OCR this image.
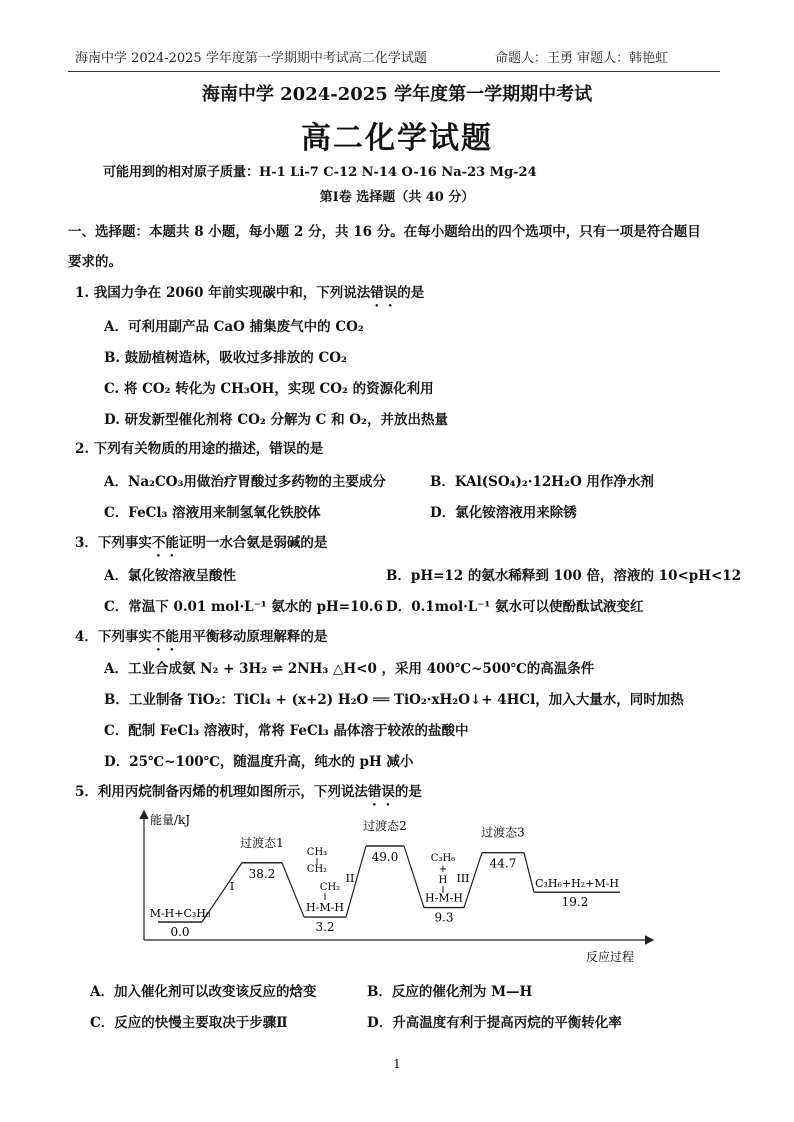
海南中学 2024-2025 学年度第一学期期中考试高二化学试题	命题人：王勇 审题人：韩艳虹
海南中学 2024-2025 学年度第一学期期中考试
高二化学试题
可能用到的相对原子质量：H-1 Li-7 C-12 N-14 O-16 Na-23 Mg-24
第Ⅰ卷 选择题（共 40 分）
一、选择题：本题共 8 小题，每小题 2 分，共 16 分。在每小题给出的四个选项中，只有一项是符合题目
要求的。
1. 我国力争在 2060 年前实现碳中和，下列说法错误的是
A．可利用副产品 CaO 捕集废气中的 CO₂
B. 鼓励植树造林，吸收过多排放的 CO₂
C. 将 CO₂ 转化为 CH₃OH，实现 CO₂ 的资源化利用
D. 研发新型催化剂将 CO₂ 分解为 C 和 O₂，并放出热量
2. 下列有关物质的用途的描述，错误的是
A．Na₂CO₃用做治疗胃酸过多药物的主要成分	B．KAl(SO₄)₂·12H₂O 用作净水剂
C．FeCl₃ 溶液用来制氢氧化铁胶体	D．氯化铵溶液用来除锈
3．下列事实不能证明一水合氨是弱碱的是
A．氯化铵溶液呈酸性	B．pH=12 的氨水稀释到 100 倍，溶液的 10<pH<12
C．常温下 0.01 mol·L⁻¹ 氨水的 pH=10.6 D．0.1mol·L⁻¹ 氨水可以使酚酞试液变红
4．下列事实不能用平衡移动原理解释的是
A．工业合成氨 N₂ + 3H₂ ⇌ 2NH₃ △H<0 ，采用 400℃~500℃的高温条件
B．工业制备 TiO₂：TiCl₄ + (x+2) H₂O ══ TiO₂·xH₂O↓+ 4HCl，加入大量水，同时加热
C．配制 FeCl₃ 溶液时，常将 FeCl₃ 晶体溶于较浓的盐酸中
D．25℃~100℃，随温度升高，纯水的 pH 减小
5．利用丙烷制备丙烯的机理如图所示，下列说法错误的是
能量/kJ
反应过程
0.0
38.2
3.2
49.0
9.3
44.7
19.2
M-H+C₃H₈
过渡态1
H-M-H
过渡态2
H-M-H
过渡态3
C₃H₆+H₂+M-H
CH₃
CH₂
CH₂
C₃H₆
+
H
I
II	III
A．加入催化剂可以改变该反应的焓变	B．反应的催化剂为 M—H
C．反应的快慢主要取决于步骤Ⅱ	D．升高温度有利于提高丙烷的平衡转化率
1
